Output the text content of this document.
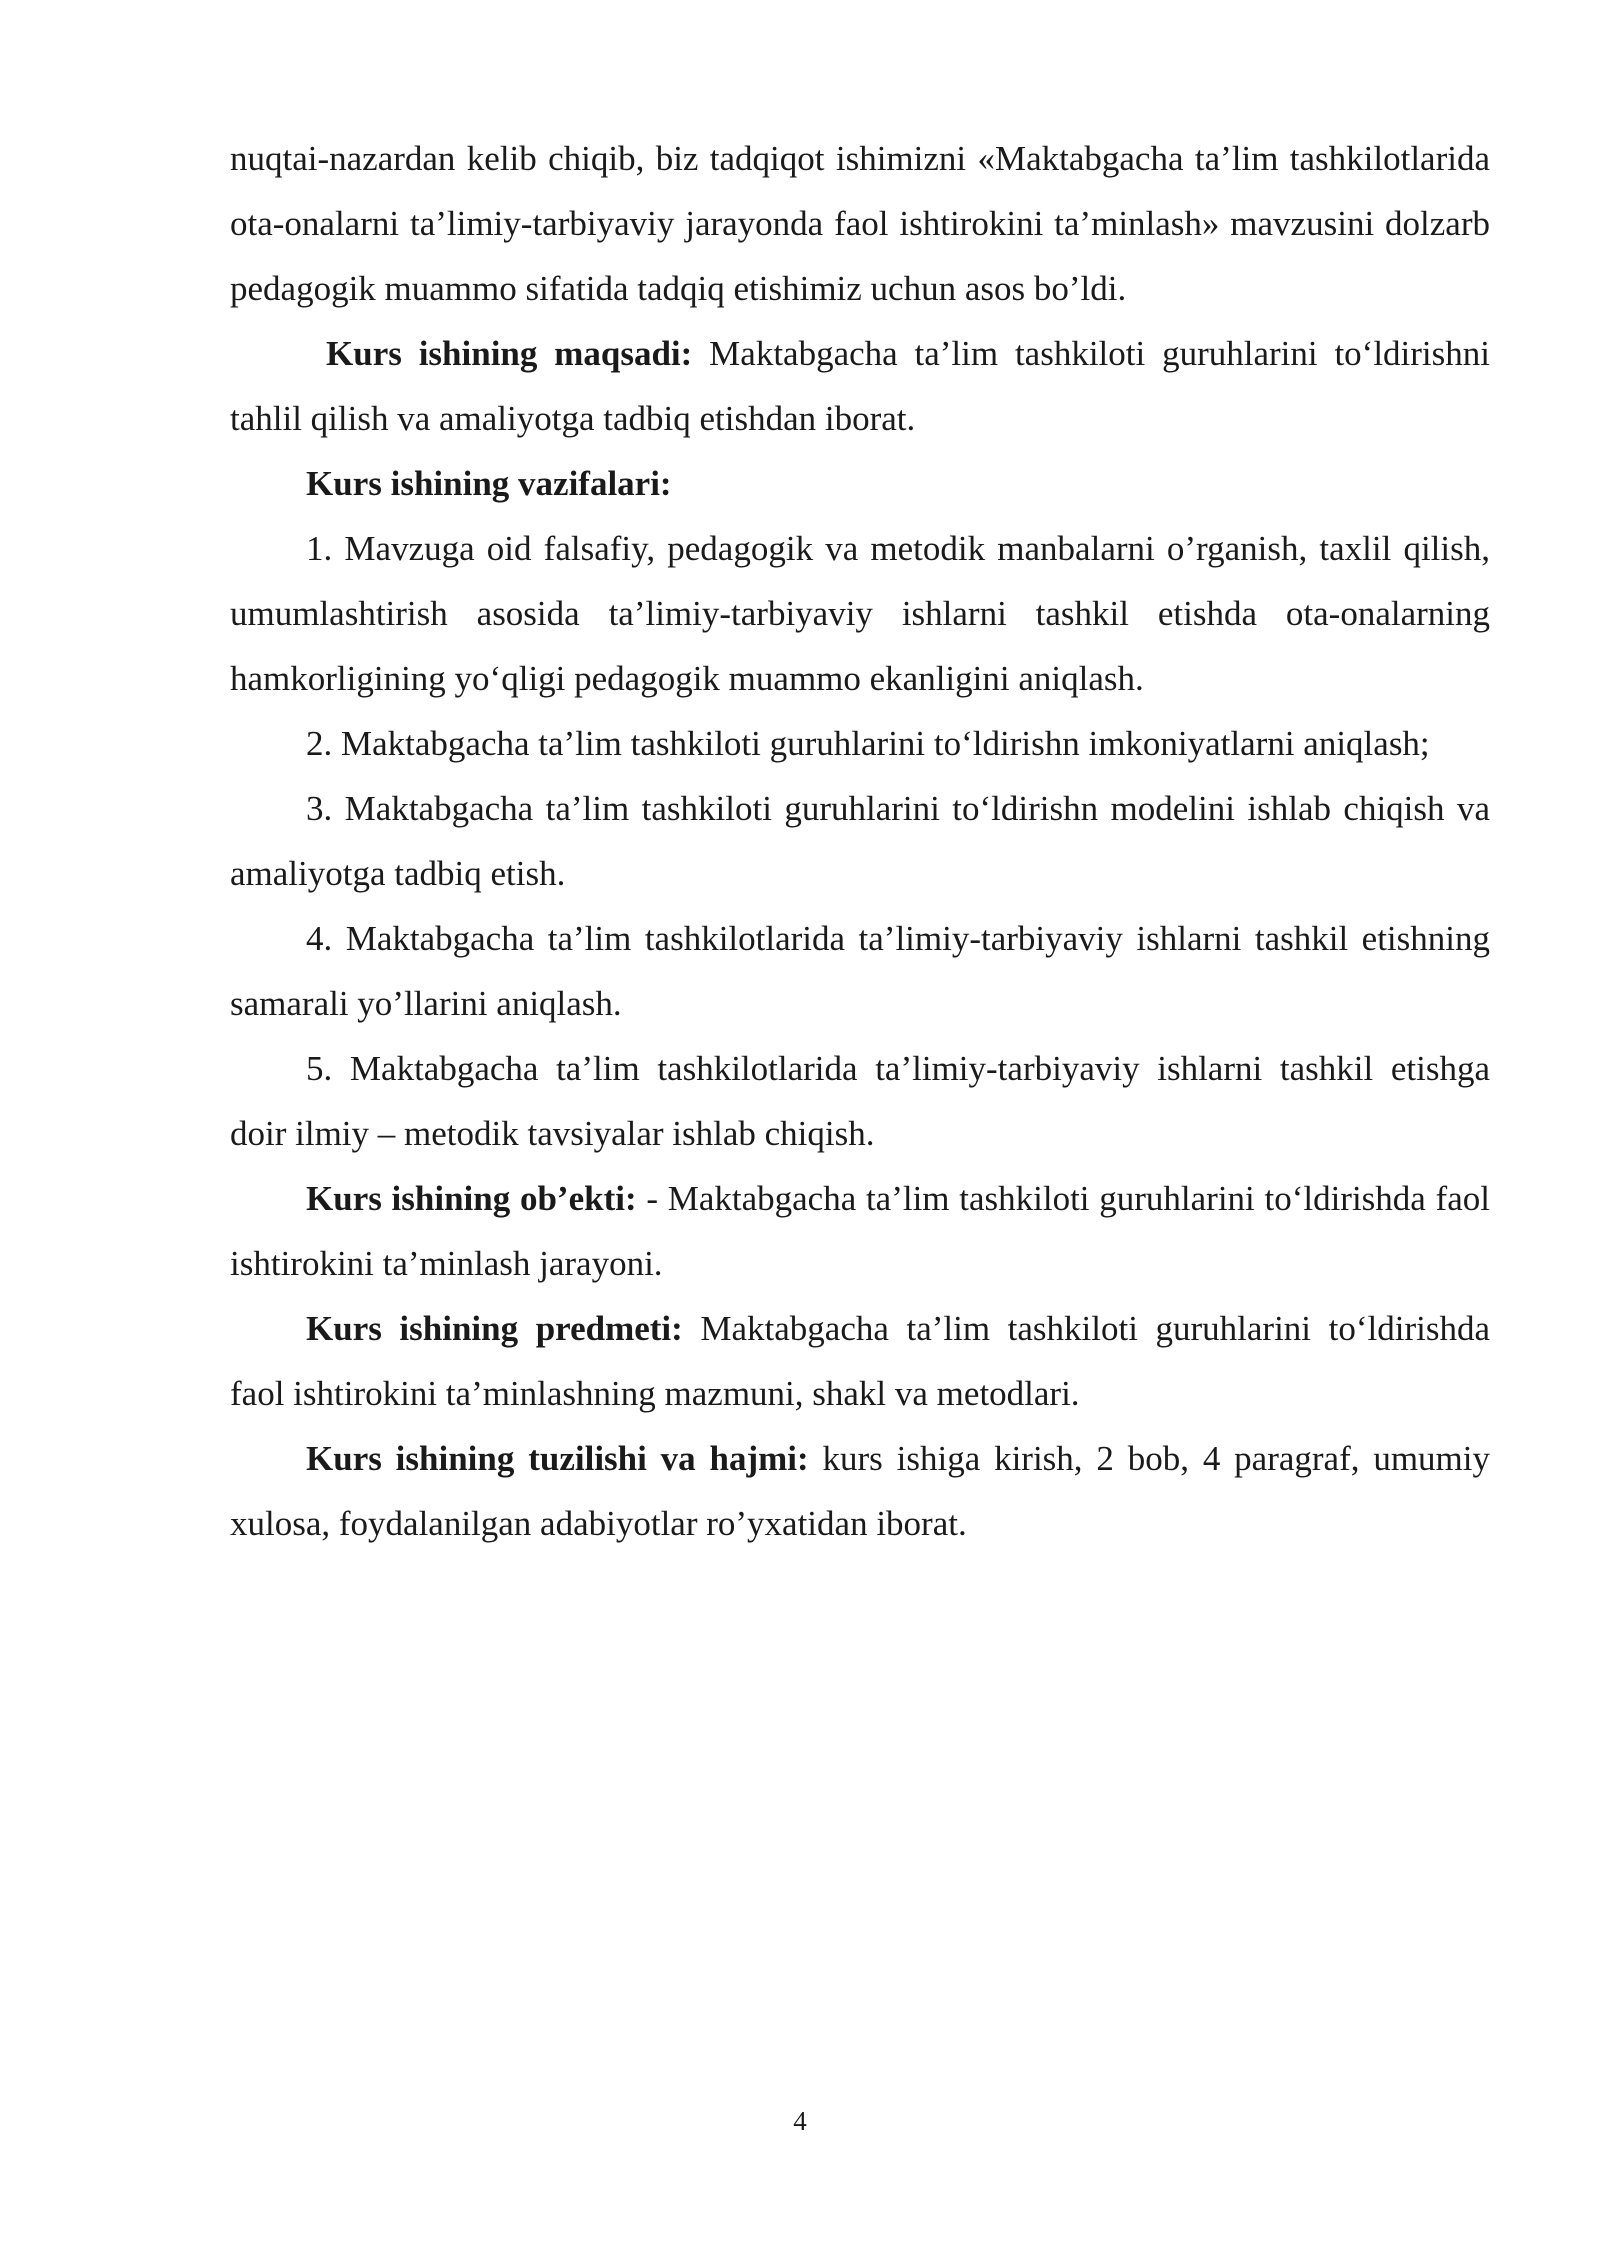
nuqtai-nazardan kelib chiqib, biz tadqiqot ishimizni «Maktabgacha ta’lim tashkilotlarida ota-onalarni ta’limiy-tarbiyaviy jarayonda faol ishtirokini ta’minlash» mavzusini dolzarb pedagogik muammo sifatida tadqiq etishimiz uchun asos bo’ldi.

Kurs ishining maqsadi: Maktabgacha ta’lim tashkiloti guruhlarini to‘ldirishni tahlil qilish va amaliyotga tadbiq etishdan iborat.

Kurs ishining vazifalari:

1. Mavzuga oid falsafiy, pedagogik va metodik manbalarni o’rganish, taxlil qilish, umumlashtirish asosida ta’limiy-tarbiyaviy ishlarni tashkil etishda ota-onalarning hamkorligining yo‘qligi pedagogik muammo ekanligini aniqlash.

2. Maktabgacha ta’lim tashkiloti guruhlarini to‘ldirishn imkoniyatlarni aniqlash;

3. Maktabgacha ta’lim tashkiloti guruhlarini to‘ldirishn modelini ishlab chiqish va amaliyotga tadbiq etish.

4. Maktabgacha ta’lim tashkilotlarida ta’limiy-tarbiyaviy ishlarni tashkil etishning samarali yo’llarini aniqlash.

5. Maktabgacha ta’lim tashkilotlarida ta’limiy-tarbiyaviy ishlarni tashkil etishga doir ilmiy – metodik tavsiyalar ishlab chiqish.

Kurs ishining ob’ekti: - Maktabgacha ta’lim tashkiloti guruhlarini to‘ldirishda faol ishtirokini ta’minlash jarayoni.

Kurs ishining predmeti: Maktabgacha ta’lim tashkiloti guruhlarini to‘ldirishda faol ishtirokini ta’minlashning mazmuni, shakl va metodlari.

Kurs ishining tuzilishi va hajmi: kurs ishiga kirish, 2 bob, 4 paragraf, umumiy xulosa, foydalanilgan adabiyotlar ro’yxatidan iborat.

4
